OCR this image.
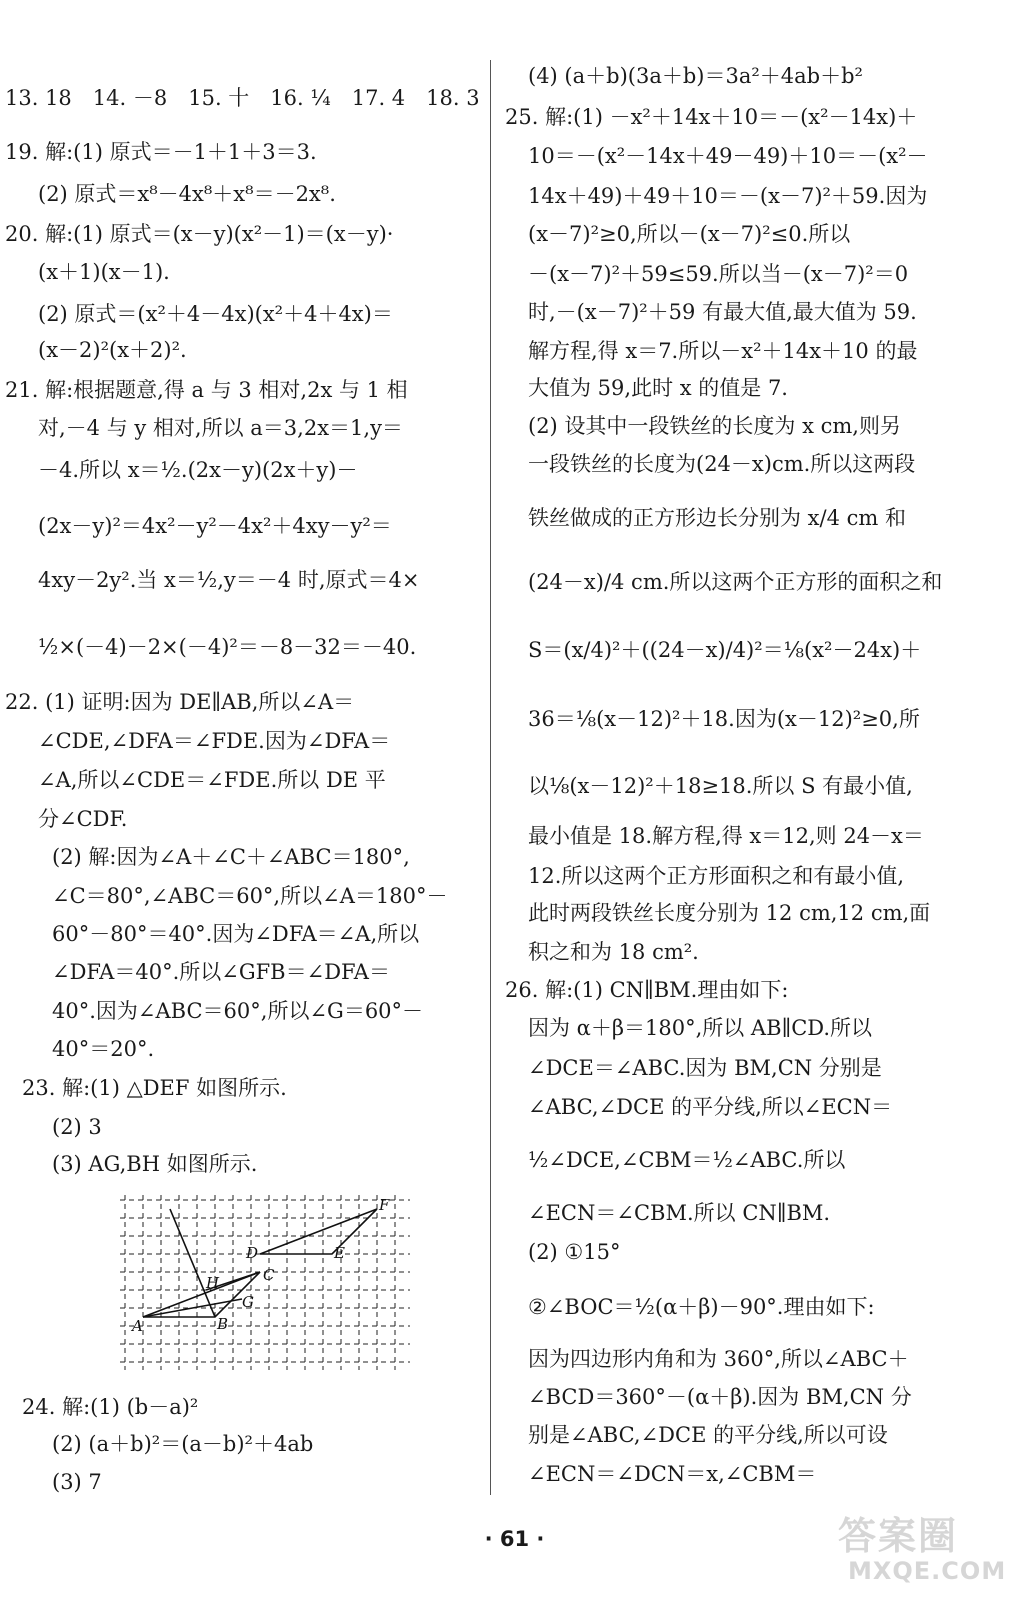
13. 18　14. －8　15. 十　16. ¼　17. 4　18. 3
19. 解:(1) 原式＝－1＋1＋3＝3.
(2) 原式＝x⁸－4x⁸＋x⁸＝－2x⁸.
20. 解:(1) 原式＝(x－y)(x²－1)＝(x－y)·
(x＋1)(x－1).
(2) 原式＝(x²＋4－4x)(x²＋4＋4x)＝
(x－2)²(x＋2)².
21. 解:根据题意,得 a 与 3 相对,2x 与 1 相
对,－4 与 y 相对,所以 a＝3,2x＝1,y＝
－4.所以 x＝½.(2x－y)(2x＋y)－
(2x－y)²＝4x²－y²－4x²＋4xy－y²＝
4xy－2y².当 x＝½,y＝－4 时,原式＝4×
½×(－4)－2×(－4)²＝－8－32＝－40.
22. (1) 证明:因为 DE∥AB,所以∠A＝
∠CDE,∠DFA＝∠FDE.因为∠DFA＝
∠A,所以∠CDE＝∠FDE.所以 DE 平
分∠CDF.
(2) 解:因为∠A＋∠C＋∠ABC＝180°,
∠C＝80°,∠ABC＝60°,所以∠A＝180°－
60°－80°＝40°.因为∠DFA＝∠A,所以
∠DFA＝40°.所以∠GFB＝∠DFA＝
40°.因为∠ABC＝60°,所以∠G＝60°－
40°＝20°.
23. 解:(1) △DEF 如图所示.
(2) 3
(3) AG,BH 如图所示.
24. 解:(1) (b－a)²
(2) (a＋b)²＝(a－b)²＋4ab
(3) 7
A	B
C
D	E
F
G
H
(4) (a＋b)(3a＋b)＝3a²＋4ab＋b²
25. 解:(1) －x²＋14x＋10＝－(x²－14x)＋
10＝－(x²－14x＋49－49)＋10＝－(x²－
14x＋49)＋49＋10＝－(x－7)²＋59.因为
(x－7)²≥0,所以－(x－7)²≤0.所以
－(x－7)²＋59≤59.所以当－(x－7)²＝0
时,－(x－7)²＋59 有最大值,最大值为 59.
解方程,得 x＝7.所以－x²＋14x＋10 的最
大值为 59,此时 x 的值是 7.
(2) 设其中一段铁丝的长度为 x cm,则另
一段铁丝的长度为(24－x)cm.所以这两段
铁丝做成的正方形边长分别为 x/4 cm 和
(24－x)/4 cm.所以这两个正方形的面积之和
S＝(x/4)²＋((24－x)/4)²＝⅛(x²－24x)＋
36＝⅛(x－12)²＋18.因为(x－12)²≥0,所
以⅛(x－12)²＋18≥18.所以 S 有最小值,
最小值是 18.解方程,得 x＝12,则 24－x＝
12.所以这两个正方形面积之和有最小值,
此时两段铁丝长度分别为 12 cm,12 cm,面
积之和为 18 cm².
26. 解:(1) CN∥BM.理由如下:
因为 α＋β＝180°,所以 AB∥CD.所以
∠DCE＝∠ABC.因为 BM,CN 分别是
∠ABC,∠DCE 的平分线,所以∠ECN＝
½∠DCE,∠CBM＝½∠ABC.所以
∠ECN＝∠CBM.所以 CN∥BM.
(2) ①15°
②∠BOC＝½(α＋β)－90°.理由如下:
因为四边形内角和为 360°,所以∠ABC＋
∠BCD＝360°－(α＋β).因为 BM,CN 分
别是∠ABC,∠DCE 的平分线,所以可设
∠ECN＝∠DCN＝x,∠CBM＝
· 61 ·	答案圈
MXQE.COM
